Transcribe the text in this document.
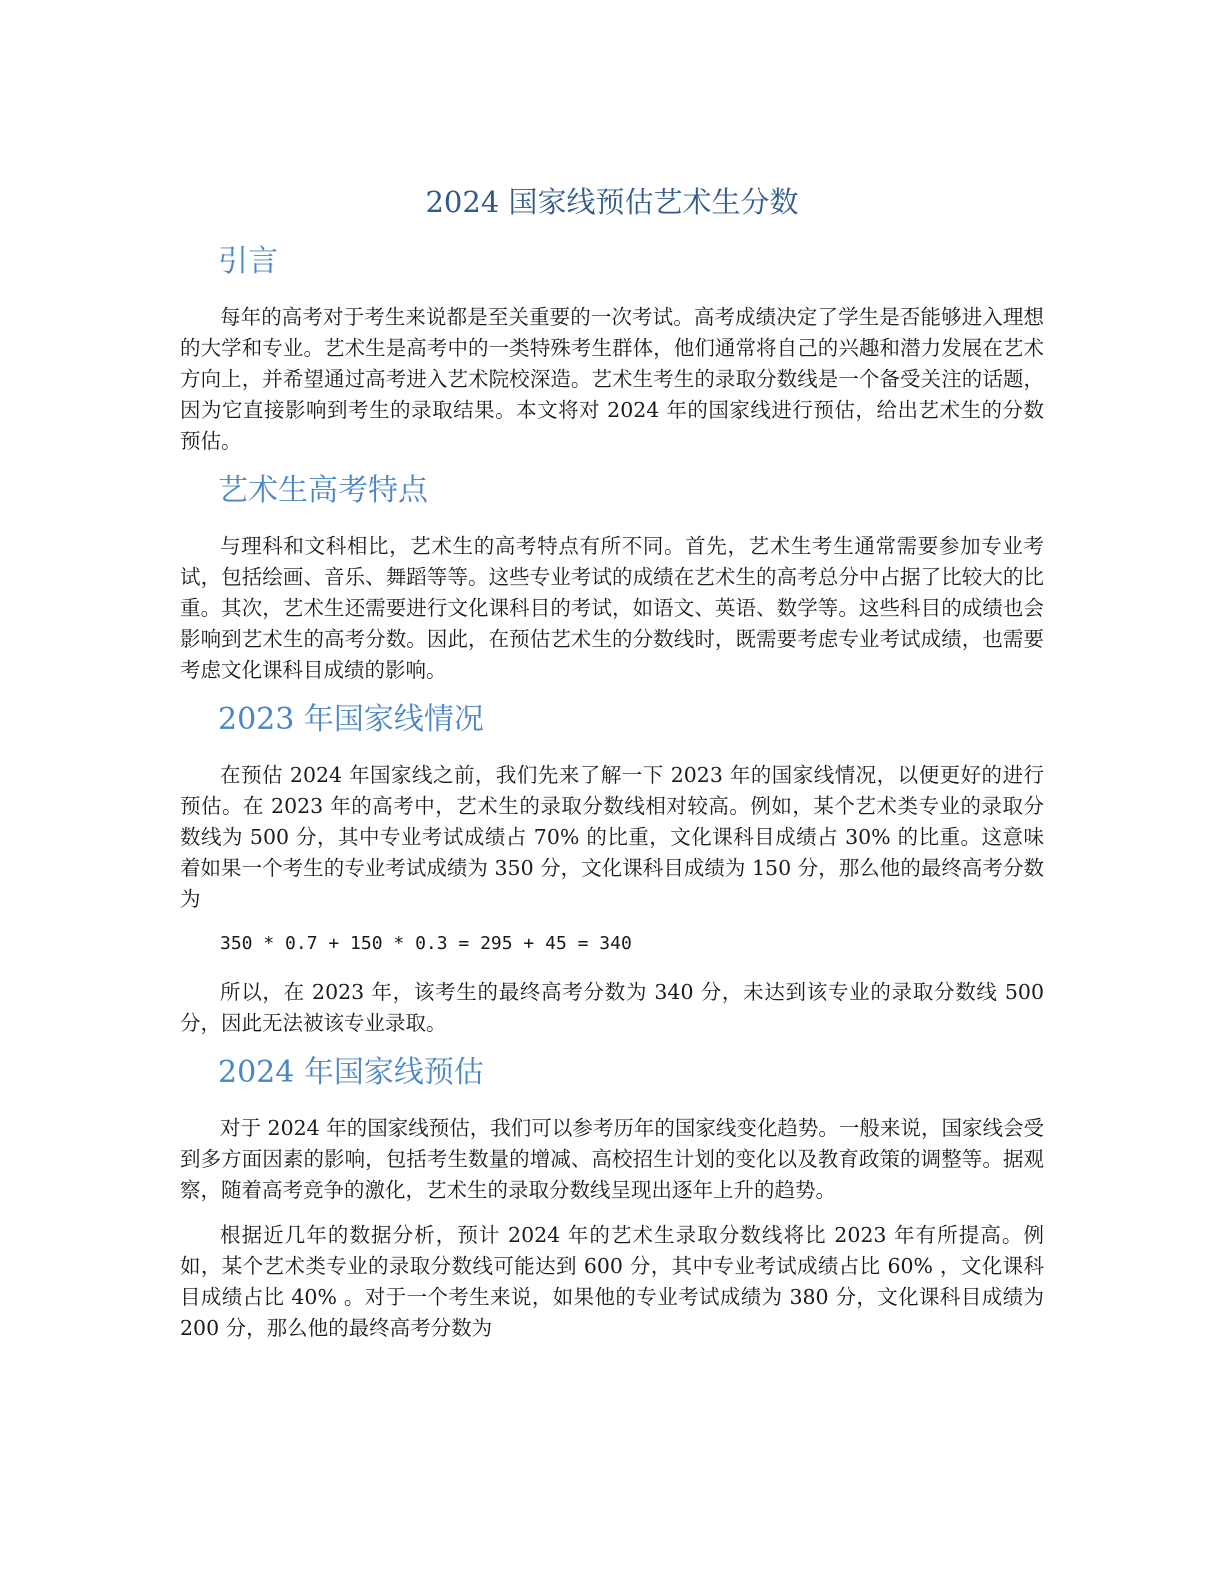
2024 国家线预估艺术生分数
引言

每年的高考对于考生来说都是至关重要的一次考试。高考成绩决定了学生是否能够进入理想的大学和专业。艺术生是高考中的一类特殊考生群体，他们通常将自己的兴趣和潜力发展在艺术方向上，并希望通过高考进入艺术院校深造。艺术生考生的录取分数线是一个备受关注的话题，因为它直接影响到考生的录取结果。本文将对 2024 年的国家线进行预估，给出艺术生的分数预估。

艺术生高考特点

与理科和文科相比，艺术生的高考特点有所不同。首先，艺术生考生通常需要参加专业考试，包括绘画、音乐、舞蹈等等。这些专业考试的成绩在艺术生的高考总分中占据了比较大的比重。其次，艺术生还需要进行文化课科目的考试，如语文、英语、数学等。这些科目的成绩也会影响到艺术生的高考分数。因此，在预估艺术生的分数线时，既需要考虑专业考试成绩，也需要考虑文化课科目成绩的影响。

2023 年国家线情况

在预估 2024 年国家线之前，我们先来了解一下 2023 年的国家线情况，以便更好的进行预估。在 2023 年的高考中，艺术生的录取分数线相对较高。例如，某个艺术类专业的录取分数线为 500 分，其中专业考试成绩占 70% 的比重，文化课科目成绩占 30% 的比重。这意味着如果一个考生的专业考试成绩为 350 分，文化课科目成绩为 150 分，那么他的最终高考分数为

350 * 0.7 + 150 * 0.3 = 295 + 45 = 340

所以，在 2023 年，该考生的最终高考分数为 340 分，未达到该专业的录取分数线 500 分，因此无法被该专业录取。

2024 年国家线预估

对于 2024 年的国家线预估，我们可以参考历年的国家线变化趋势。一般来说，国家线会受到多方面因素的影响，包括考生数量的增减、高校招生计划的变化以及教育政策的调整等。据观察，随着高考竞争的激化，艺术生的录取分数线呈现出逐年上升的趋势。

根据近几年的数据分析，预计 2024 年的艺术生录取分数线将比 2023 年有所提高。例如，某个艺术类专业的录取分数线可能达到 600 分，其中专业考试成绩占比 60% ，文化课科目成绩占比 40% 。对于一个考生来说，如果他的专业考试成绩为 380 分，文化课科目成绩为 200 分，那么他的最终高考分数为
